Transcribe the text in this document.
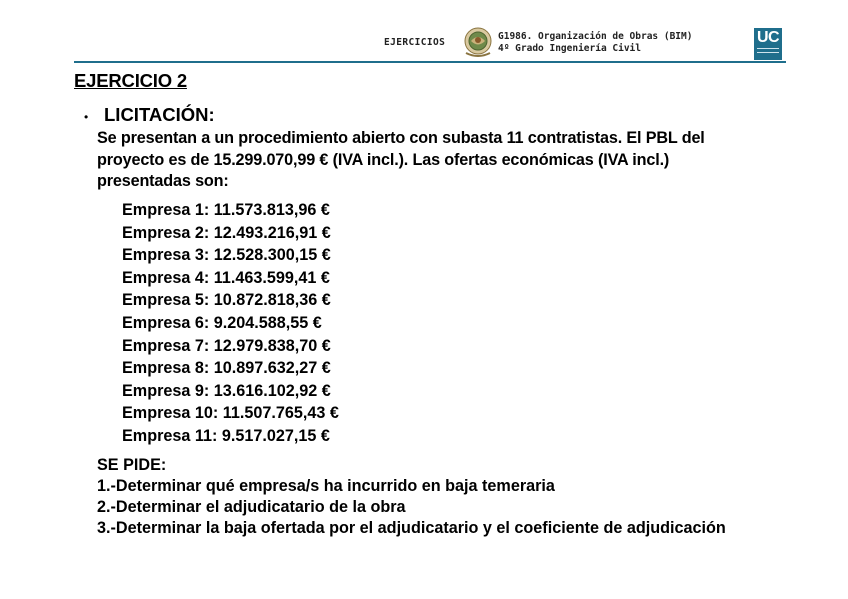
EJERCICIOS
G1986. Organización de Obras (BIM)
4º Grado Ingeniería Civil
UC
EJERCICIO 2
• LICITACIÓN:
Se presentan a un procedimiento abierto con subasta 11 contratistas. El PBL del proyecto es de 15.299.070,99 € (IVA incl.). Las ofertas económicas (IVA incl.) presentadas son:
Empresa 1: 11.573.813,96 €
Empresa 2: 12.493.216,91 €
Empresa 3: 12.528.300,15 €
Empresa 4: 11.463.599,41 €
Empresa 5: 10.872.818,36 €
Empresa 6: 9.204.588,55 €
Empresa 7: 12.979.838,70 €
Empresa 8: 10.897.632,27 €
Empresa 9: 13.616.102,92 €
Empresa 10: 11.507.765,43 €
Empresa 11: 9.517.027,15 €
SE PIDE:
1.-Determinar qué empresa/s ha incurrido en baja temeraria
2.-Determinar el adjudicatario de la obra
3.-Determinar la baja ofertada por el adjudicatario y el coeficiente de adjudicación
